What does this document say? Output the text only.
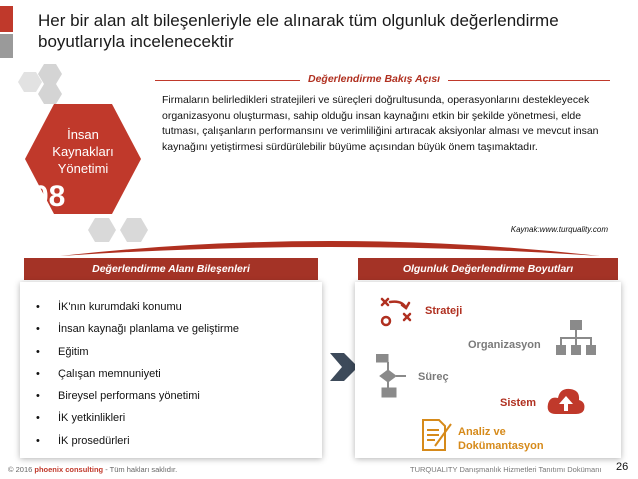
Her bir alan alt bileşenleriyle ele alınarak tüm olgunluk değerlendirme boyutlarıyla incelenecektir
İnsan
Kaynakları
Yönetimi
08
Değerlendirme Bakış Açısı
Firmaların belirledikleri stratejileri ve süreçleri doğrultusunda, operasyonlarını destekleyecek organizasyonu oluşturması, sahip olduğu insan kaynağını etkin bir şekilde yönetmesi, elde tutması, çalışanların performansını ve verimliliğini artıracak aksiyonlar alması ve mevcut insan kaynağını yetiştirmesi sürdürülebilir büyüme açısından büyük önem taşımaktadır.
Kaynak:www.turquality.com
Değerlendirme Alanı Bileşenleri	Olgunluk Değerlendirme Boyutları
• İK'nın kurumdaki konumu
• İnsan kaynağı planlama ve geliştirme
• Eğitim
• Çalışan memnuniyeti
• Bireysel performans yönetimi
• İK yetkinlikleri
• İK prosedürleri
Strateji
Organizasyon
Süreç
Sistem
Analiz ve
Dokümantasyon
© 2016 phoenix consulting - Tüm hakları saklıdır.	TURQUALITY Danışmanlık Hizmetleri Tanıtımı Dokümanı 26
